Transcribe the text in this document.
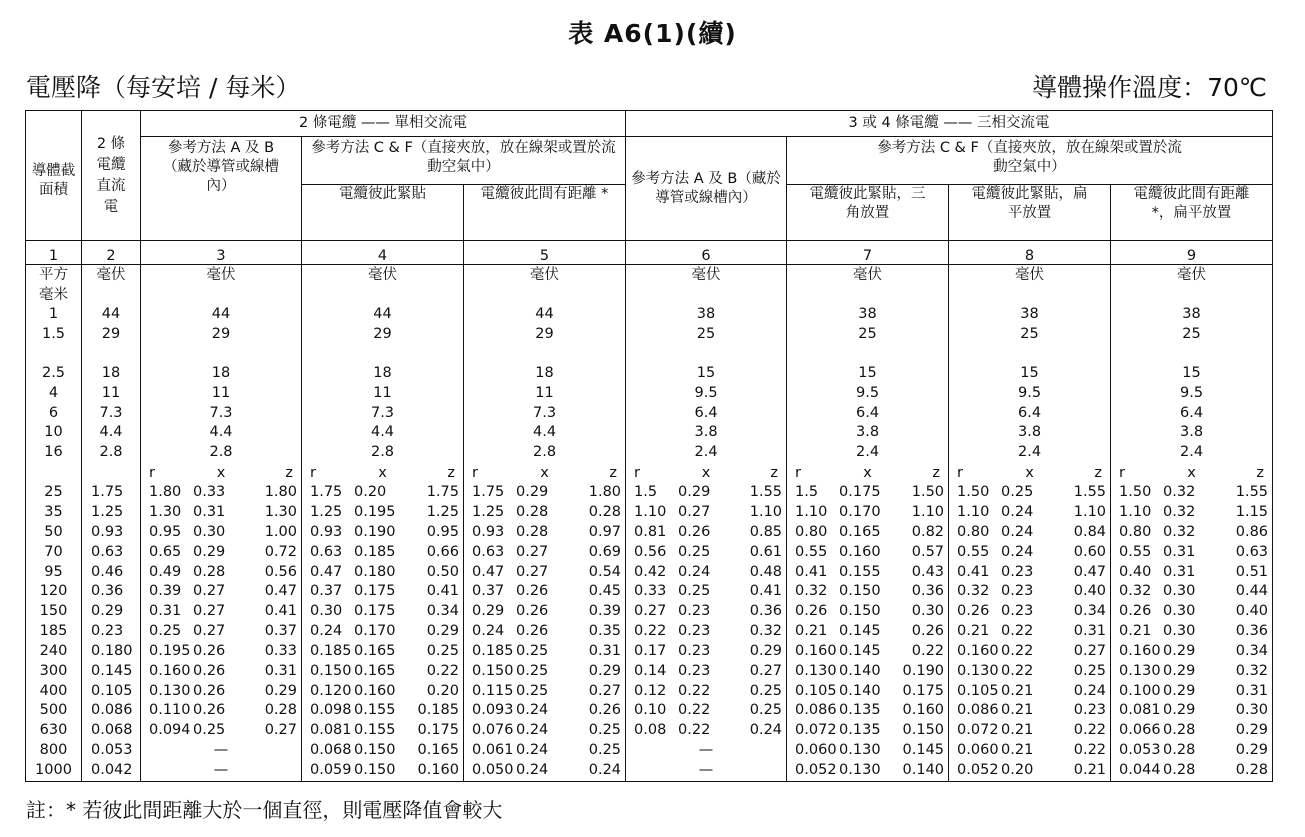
表 A6(1)(續)
電壓降（每安培 / 每米）	導體操作溫度：70℃
導體截面積	2 條電纜直流電	2 條電纜 —— 單相交流電			3 或 4 條電纜 —— 三相交流電			
		參考方法 A 及 B（藏於導管或線槽內）	參考方法 C & F（直接夾放，放在線架或置於流動空氣中）		參考方法 A 及 B（藏於導管或線槽內）	參考方法 C & F（直接夾放，放在線架或置於流動空氣中）		
			電纜彼此緊貼	電纜彼此間有距離 *		電纜彼此緊貼，三角放置	電纜彼此緊貼，扁平放置	電纜彼此間有距離 *，扁平放置
1	2	3	4	5	6	7	8	9
平方毫米	毫伏	毫伏	毫伏	毫伏	毫伏	毫伏	毫伏	毫伏
1	44	44	44	44	38	38	38	38
1.5	29	29	29	29	25	25	25	25

2.5	18	18	18	18	15	15	15	15
4	11	11	11	11	9.5	9.5	9.5	9.5
6	7.3	7.3	7.3	7.3	6.4	6.4	6.4	6.4
10	4.4	4.4	4.4	4.4	3.8	3.8	3.8	3.8
16	2.8	2.8	2.8	2.8	2.4	2.4	2.4	2.4

		r x z	r x z	r x z	r x z	r x z	r x z	r x z

25	1.75	1.80 0.33 1.80	1.75 0.20 1.75	1.75 0.29 1.80	1.5 0.29 1.55	1.5 0.175 1.50	1.50 0.25 1.55	1.50 0.32 1.55

35	1.25	1.30 0.31 1.30	1.25 0.195 1.25	1.25 0.28 0.28	1.10 0.27 1.10	1.10 0.170 1.10	1.10 0.24 1.10	1.10 0.32 1.15

50	0.93	0.95 0.30 1.00	0.93 0.190 0.95	0.93 0.28 0.97	0.81 0.26 0.85	0.80 0.165 0.82	0.80 0.24 0.84	0.80 0.32 0.86

70	0.63	0.65 0.29 0.72	0.63 0.185 0.66	0.63 0.27 0.69	0.56 0.25 0.61	0.55 0.160 0.57	0.55 0.24 0.60	0.55 0.31 0.63

95	0.46	0.49 0.28 0.56	0.47 0.180 0.50	0.47 0.27 0.54	0.42 0.24 0.48	0.41 0.155 0.43	0.41 0.23 0.47	0.40 0.31 0.51

120	0.36	0.39 0.27 0.47	0.37 0.175 0.41	0.37 0.26 0.45	0.33 0.25 0.41	0.32 0.150 0.36	0.32 0.23 0.40	0.32 0.30 0.44

150	0.29	0.31 0.27 0.41	0.30 0.175 0.34	0.29 0.26 0.39	0.27 0.23 0.36	0.26 0.150 0.30	0.26 0.23 0.34	0.26 0.30 0.40

185	0.23	0.25 0.27 0.37	0.24 0.170 0.29	0.24 0.26 0.35	0.22 0.23 0.32	0.21 0.145 0.26	0.21 0.22 0.31	0.21 0.30 0.36

240	0.180	0.195 0.26 0.33	0.185 0.165 0.25	0.185 0.25 0.31	0.17 0.23 0.29	0.160 0.145 0.22	0.160 0.22 0.27	0.160 0.29 0.34

300	0.145	0.160 0.26 0.31	0.150 0.165 0.22	0.150 0.25 0.29	0.14 0.23 0.27	0.130 0.140 0.190	0.130 0.22 0.25	0.130 0.29 0.32

400	0.105	0.130 0.26 0.29	0.120 0.160 0.20	0.115 0.25 0.27	0.12 0.22 0.25	0.105 0.140 0.175	0.105 0.21 0.24	0.100 0.29 0.31

500	0.086	0.110 0.26 0.28	0.098 0.155 0.185	0.093 0.24 0.26	0.10 0.22 0.25	0.086 0.135 0.160	0.086 0.21 0.23	0.081 0.29 0.30

630	0.068	0.094 0.25 0.27	0.081 0.155 0.175	0.076 0.24 0.25	0.08 0.22 0.24	0.072 0.135 0.150	0.072 0.21 0.22	0.066 0.28 0.29

800	0.053	—	0.068 0.150 0.165	0.061 0.24 0.25	—	0.060 0.130 0.145	0.060 0.21 0.22	0.053 0.28 0.29

1000	0.042	—	0.059 0.150 0.160	0.050 0.24 0.24	—	0.052 0.130 0.140	0.052 0.20 0.21	0.044 0.28 0.28
註：* 若彼此間距離大於一個直徑，則電壓降值會較大
